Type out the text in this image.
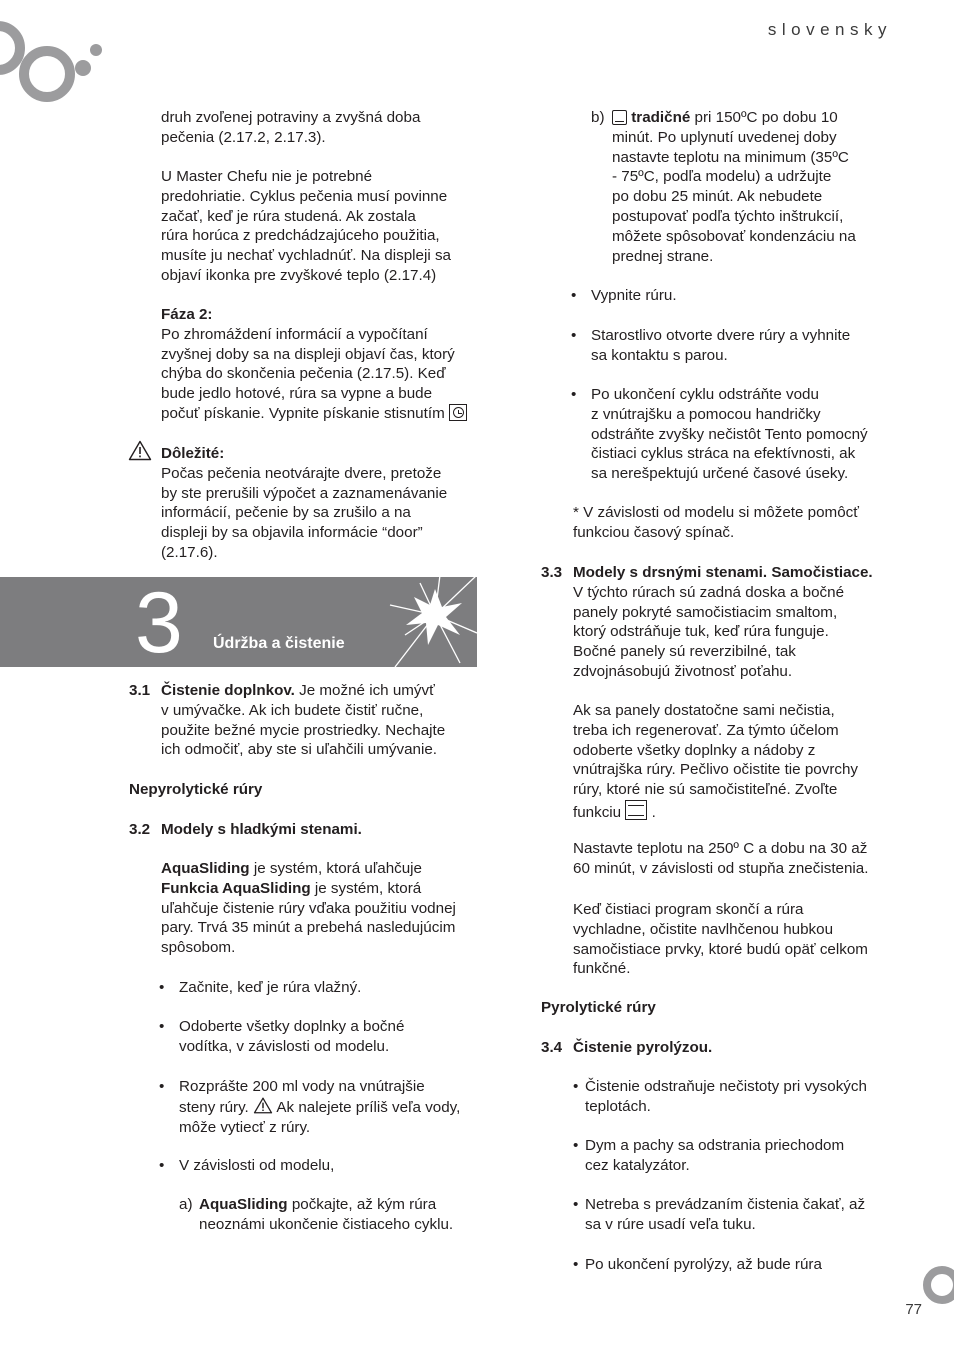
slovensky
77

druh zvoľenej potraviny a zvyšná doba

pečenia (2.17.2, 2.17.3).

U Master Chefu nie je potrebné

predohriatie. Cyklus pečenia musí povinne

začať, keď je rúra studená. Ak zostala

rúra horúca z predchádzajúceho použitia,

musíte ju nechať vychladnúť. Na displeji sa

objaví ikonka pre zvyškové teplo (2.17.4)

Fáza 2:

Po zhromáždení informácií a vypočítaní

zvyšnej doby sa na displeji objaví čas, ktorý

chýba do skončenia pečenia (2.17.5). Keď

bude jedlo hotové, rúra sa vypne a bude

počuť pískanie. Vypnite pískanie stisnutím

Dôležité:

Počas pečenia neotvárajte dvere, pretože

by ste prerušili výpočet a zaznamenávanie

informácií, pečenie by sa zrušilo a na

displeji by sa objavila informácie “door”

(2.17.6).

3 Údržba a čistenie
3.1 Čistenie doplnkov. Je možné ich umývť

v umývačke. Ak ich budete čistiť ručne,

použite bežné mycie prostriedky. Nechajte

ich odmočiť, aby ste si uľahčili umývanie.

Nepyrolytické rúry
3.2 Modely s hladkými stenami.

AquaSliding je systém, ktorá uľahčuje

Funkcia AquaSliding je systém, ktorá

uľahčuje čistenie rúry vďaka použitiu vodnej

pary. Trvá 35 minút a prebehá nasledujúcim

spôsobom.

• Začnite, keď je rúra vlažný.
• Odoberte všetky doplnky a bočné

vodítka, v závislosti od modelu.

• Rozprášte 200 ml vody na vnútrajšie

steny rúry. Ak nalejete príliš veľa vody,

môže vytiecť z rúry.

• V závislosti od modelu,
a) AquaSliding počkajte, až kým rúra

neoznámi ukončenie čistiaceho cyklu.

b)	tradičné pri 150ºC po dobu 10

minút. Po uplynutí uvedenej doby

nastavte teplotu na minimum (35ºC

- 75ºC, podľa modelu) a udržujte

po dobu 25 minút. Ak nebudete

postupovať podľa týchto inštrukcií,

môžete spôsobovať kondenzáciu na

prednej strane.

• Vypnite rúru.
• Starostlivo otvorte dvere rúry a vyhnite

sa kontaktu s parou.

• Po ukončení cyklu odstráňte vodu

z vnútrajšku a pomocou handričky

odstráňte zvyšky nečistôt Tento pomocný

čistiaci cyklus stráca na efektívnosti, ak

sa nerešpektujú určené časové úseky.

* V závislosti od modelu si môžete pomôcť

funkciou časový spínač.

3.3 Modely s drsnými stenami. Samočistiace.

V týchto rúrach sú zadná doska a bočné

panely pokryté samočistiacim smaltom,

ktorý odstráňuje tuk, keď rúra funguje.

Bočné panely sú reverzibilné, tak

zdvojnásobujú životnosť poťahu.

Ak sa panely dostatočne sami nečistia,

treba ich regenerovať. Za týmto účelom

odoberte všetky doplnky a nádoby z

vnútrajška rúry. Pečlivo očistite tie povrchy

rúry, ktoré nie sú samočistiteľné. Zvoľte

funkciu .

Nastavte teplotu na 250º C a dobu na 30 až

60 minút, v závislosti od stupňa znečistenia.

Keď čistiaci program skončí a rúra

vychladne, očistite navlhčenou hubkou

samočistiace prvky, ktoré budú opäť celkom

funkčné.

Pyrolytické rúry
3.4 Čistenie pyrolýzou.
• Čistenie odstraňuje nečistoty pri vysokých

teplotách.

• Dym a pachy sa odstrania priechodom

cez katalyzátor.

• Netreba s prevádzaním čistenia čakať, až

sa v rúre usadí veľa tuku.

• Po ukončení pyrolýzy, až bude rúra
